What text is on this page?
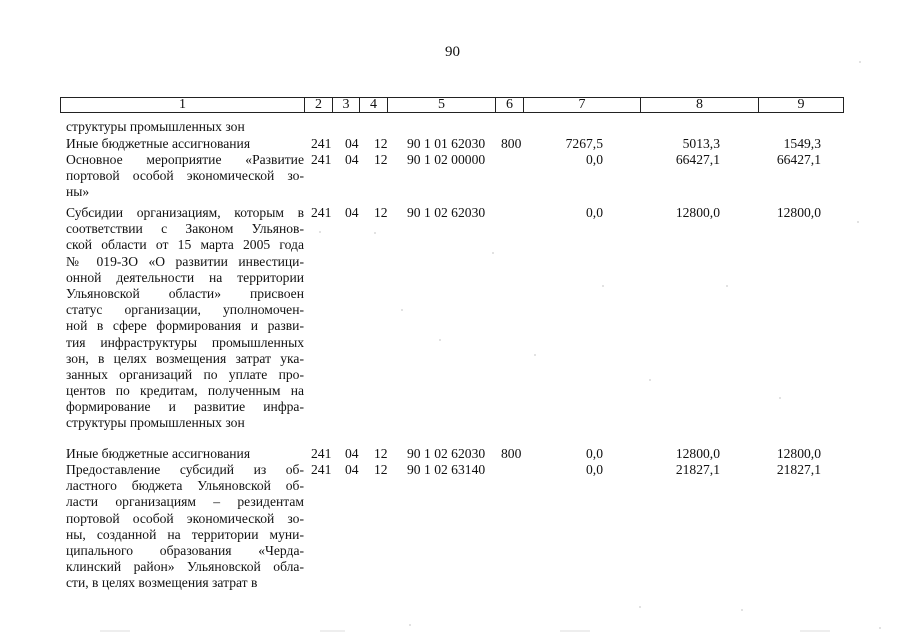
90
1	2	3	4	5	6	7	8	9
структуры промышленных зон
Иные бюджетные ассигнования	241 04 12 90 1 01 62030 800	7267,5	5013,3	1549,3
Основное мероприятие «Развитие
портовой особой экономической зо-
ны»
241 04 12 90 1 02 00000	0,0	66427,1	66427,1
Субсидии организациям, которым в
соответствии с Законом Ульянов-
ской области от 15 марта 2005 года
№ 019-ЗО «О развитии инвестици-
онной деятельности на территории
Ульяновской области» присвоен
статус организации, уполномочен-
ной в сфере формирования и разви-
тия инфраструктуры промышленных
зон, в целях возмещения затрат ука-
занных организаций по уплате про-
центов по кредитам, полученным на
формирование и развитие инфра-
структуры промышленных зон
241 04 12 90 1 02 62030	0,0	12800,0	12800,0
Иные бюджетные ассигнования	241 04 12 90 1 02 62030 800	0,0	12800,0	12800,0
Предоставление субсидий из об-
ластного бюджета Ульяновской об-
ласти организациям – резидентам
портовой особой экономической зо-
ны, созданной на территории муни-
ципального образования «Черда-
клинский район» Ульяновской обла-
сти, в целях возмещения затрат в
241 04 12 90 1 02 63140	0,0	21827,1	21827,1
